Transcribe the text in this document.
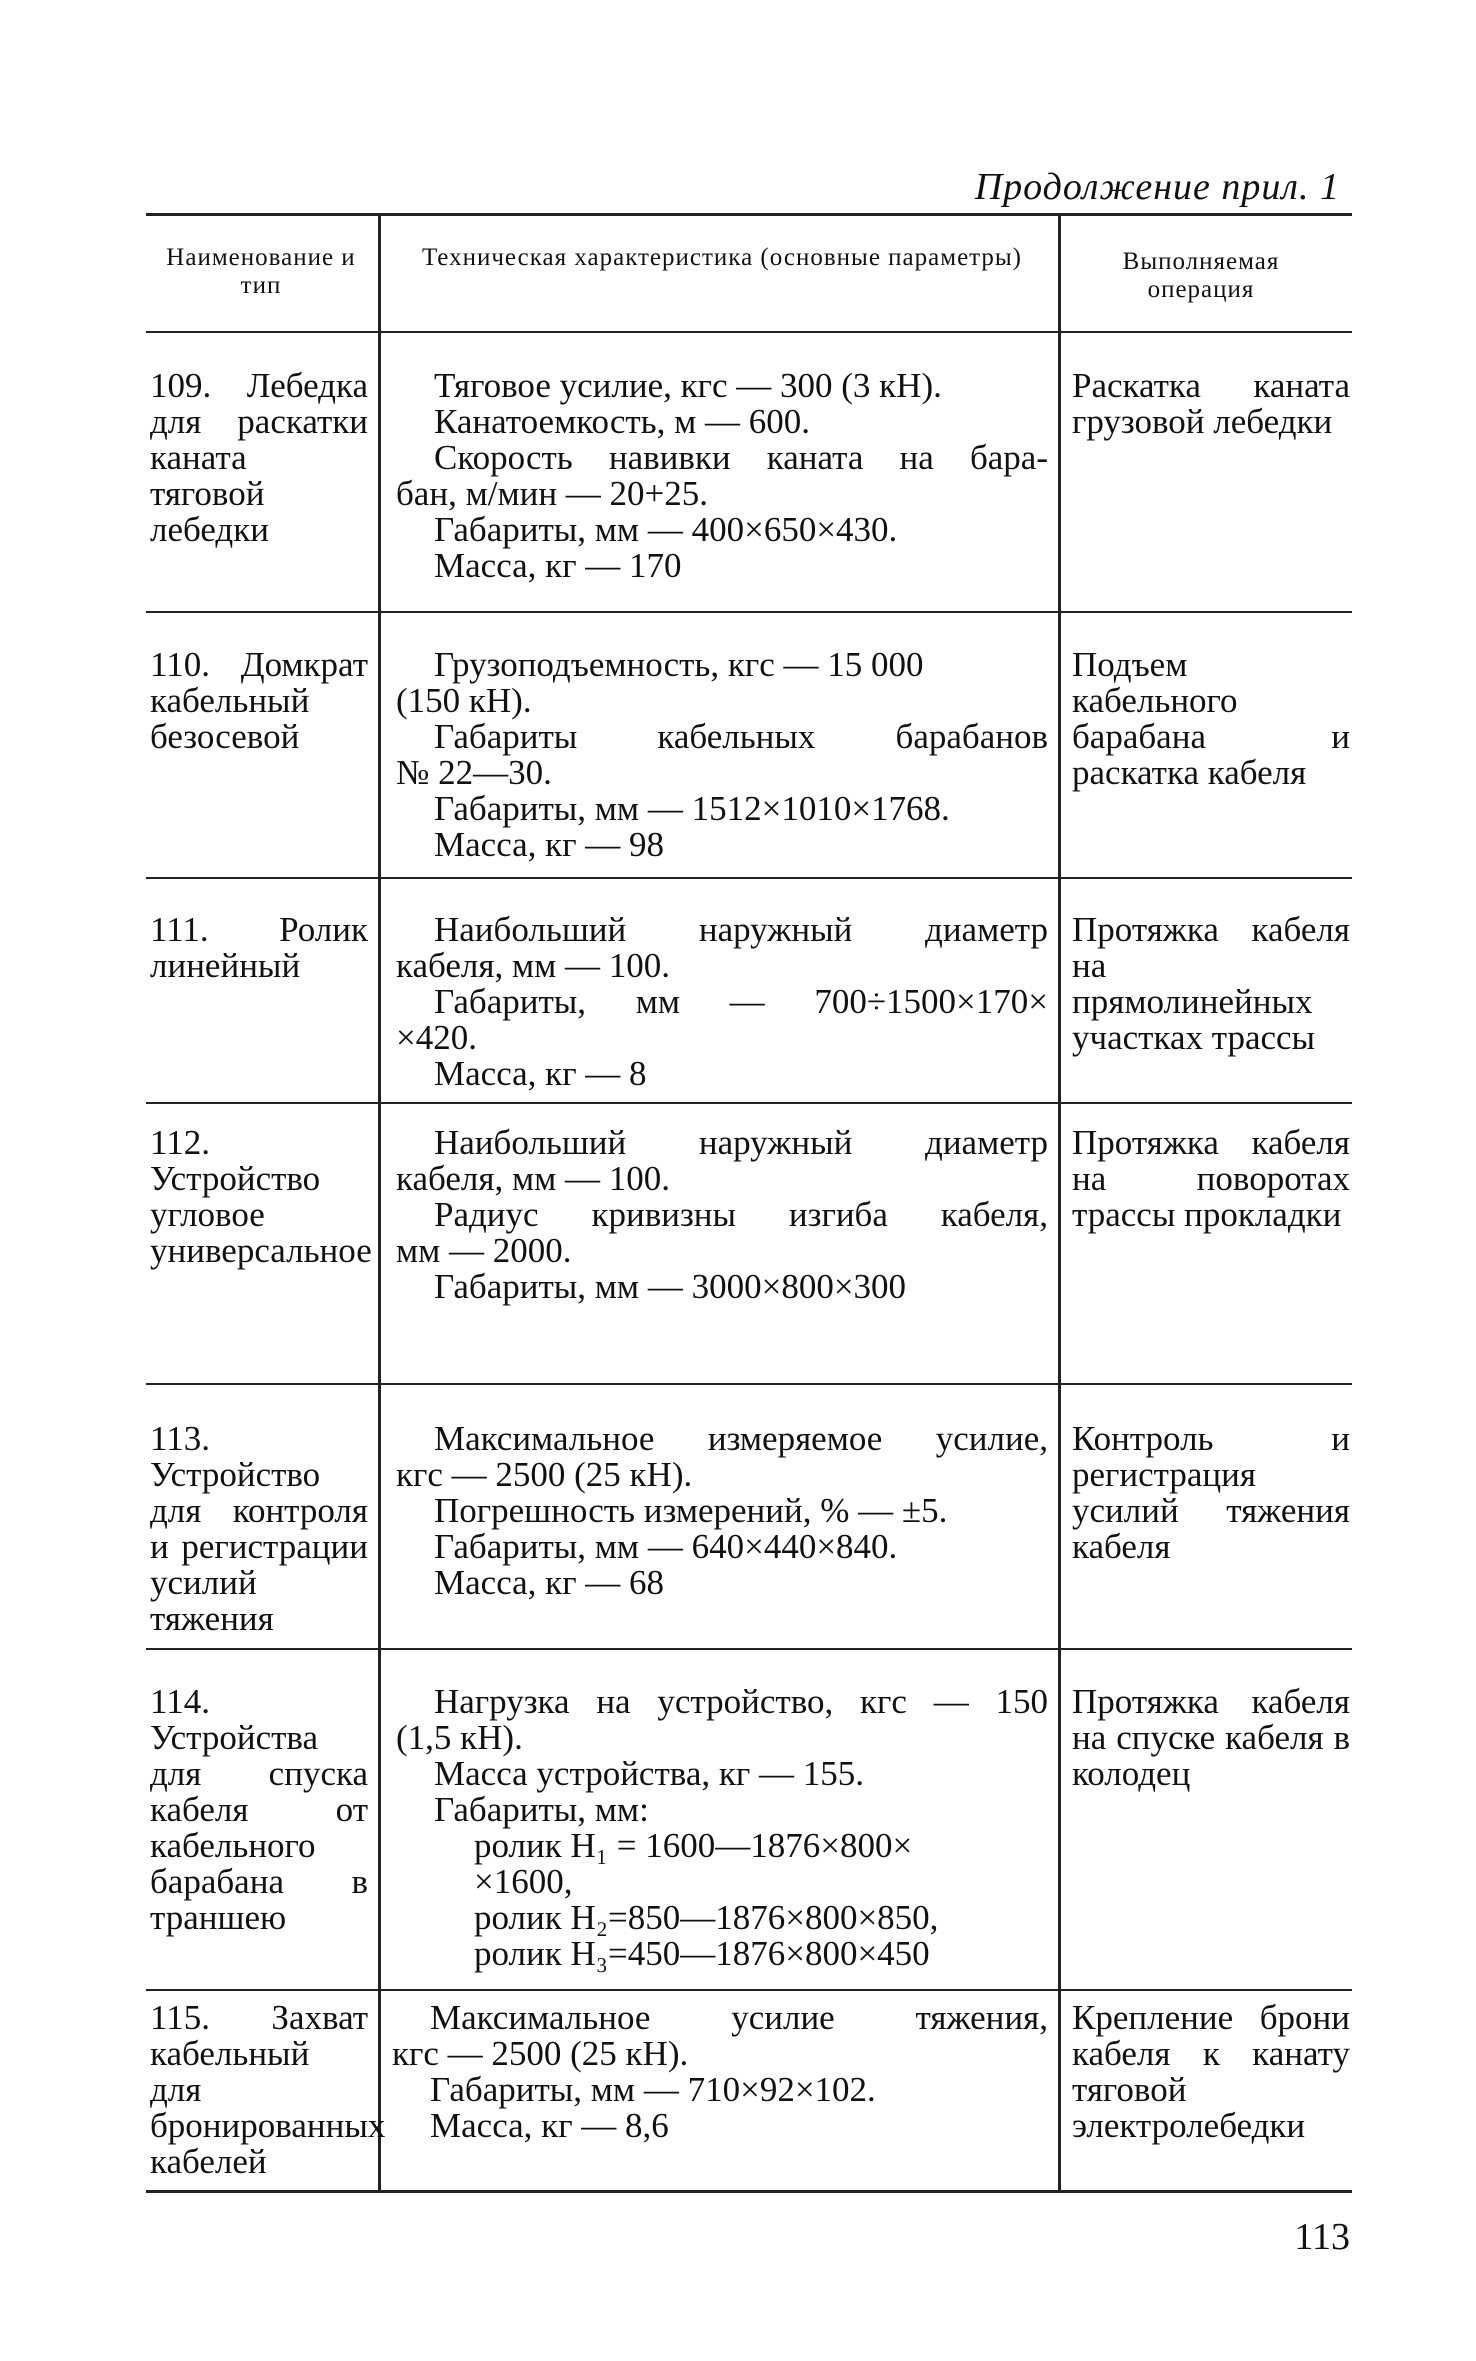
Продолжение прил. 1
Наименование и тип
Техническая характеристика (основные параметры)	Выполняемая операция
109. Лебедка для раскатки каната тяговой лебедки
Тяговое усилие, кгс — 300 (3 кН).
Канатоемкость, м — 600.
Скорость навивки каната на бара-
бан, м/мин — 20+25.
Габариты, мм — 400×650×430.
Масса, кг — 170
Раскатка каната грузовой лебедки
110. Домкрат кабельный безосевой
Грузоподъемность, кгс — 15 000
(150 кН).
Габариты кабельных барабанов
№ 22—30.
Габариты, мм — 1512×1010×1768.
Масса, кг — 98
Подъем кабельного барабана и раскатка кабеля
111. Ролик линейный
Наибольший наружный диаметр
кабеля, мм — 100.
Габариты, мм — 700÷1500×170×
×420.
Масса, кг — 8
Протяжка кабеля на прямолинейных участках трассы
112. Устройство угловое универсальное
Наибольший наружный диаметр
кабеля, мм — 100.
Радиус кривизны изгиба кабеля,
мм — 2000.
Габариты, мм — 3000×800×300
Протяжка кабеля на поворотах трассы прокладки
113. Устройство для контроля и регистрации усилий тяжения
Максимальное измеряемое усилие,
кгс — 2500 (25 кН).
Погрешность измерений, % — ±5.
Габариты, мм — 640×440×840.
Масса, кг — 68
Контроль и регистрация усилий тяжения кабеля
114. Устройства для спуска кабеля от кабельного барабана в траншею
Нагрузка на устройство, кгс — 150
(1,5 кН).
Масса устройства, кг — 155.
Габариты, мм:
ролик H₁ = 1600—1876×800×
×1600,
ролик H₂=850—1876×800×850,
ролик H₃=450—1876×800×450
Протяжка кабеля на спуске кабеля в колодец
115. Захват кабельный для бронированных кабелей
Максимальное усилие тяжения,
кгс — 2500 (25 кН).
Габариты, мм — 710×92×102.
Масса, кг — 8,6
Крепление брони кабеля к канату тяговой электролебедки
113
